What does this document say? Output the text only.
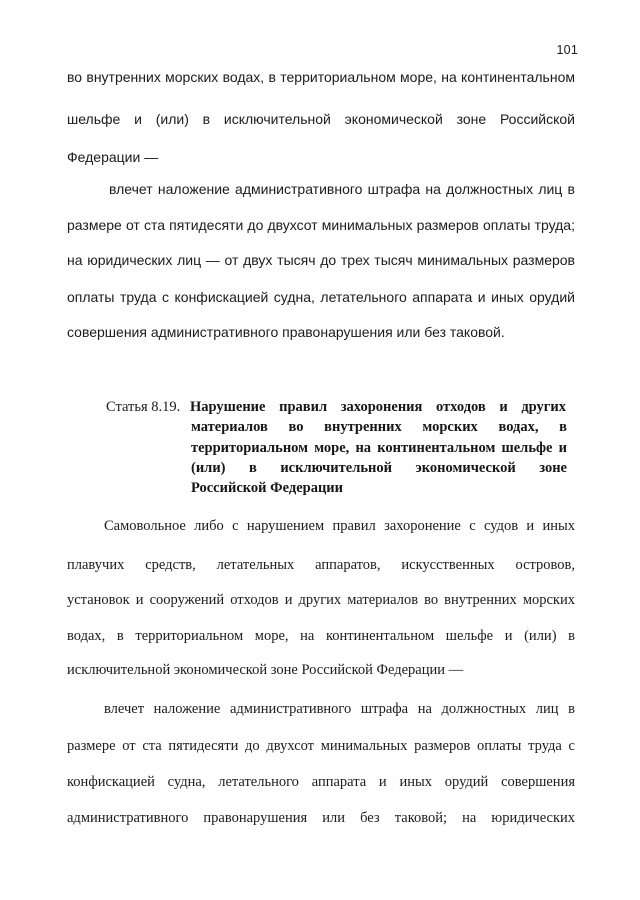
101
во внутренних морских водах, в территориальном море, на континентальном
шельфе и (или) в исключительной экономической зоне Российской
Федерации —
влечет наложение административного штрафа на должностных лиц в
размере от ста пятидесяти до двухсот минимальных размеров оплаты труда;
на юридических лиц — от двух тысяч до трех тысяч минимальных размеров
оплаты труда с конфискацией судна, летательного аппарата и иных орудий
совершения административного правонарушения или без таковой.
Статья 8.19. Нарушение правил захоронения отходов и других
материалов во внутренних морских водах, в
территориальном море, на континентальном шельфе и
(или) в исключительной экономической зоне
Российской Федерации
Самовольное либо с нарушением правил захоронение с судов и иных
плавучих средств, летательных аппаратов, искусственных островов,
установок и сооружений отходов и других материалов во внутренних морских
водах, в территориальном море, на континентальном шельфе и (или) в
исключительной экономической зоне Российской Федерации —
влечет наложение административного штрафа на должностных лиц в
размере от ста пятидесяти до двухсот минимальных размеров оплаты труда с
конфискацией судна, летательного аппарата и иных орудий совершения
административного правонарушения или без таковой; на юридических
